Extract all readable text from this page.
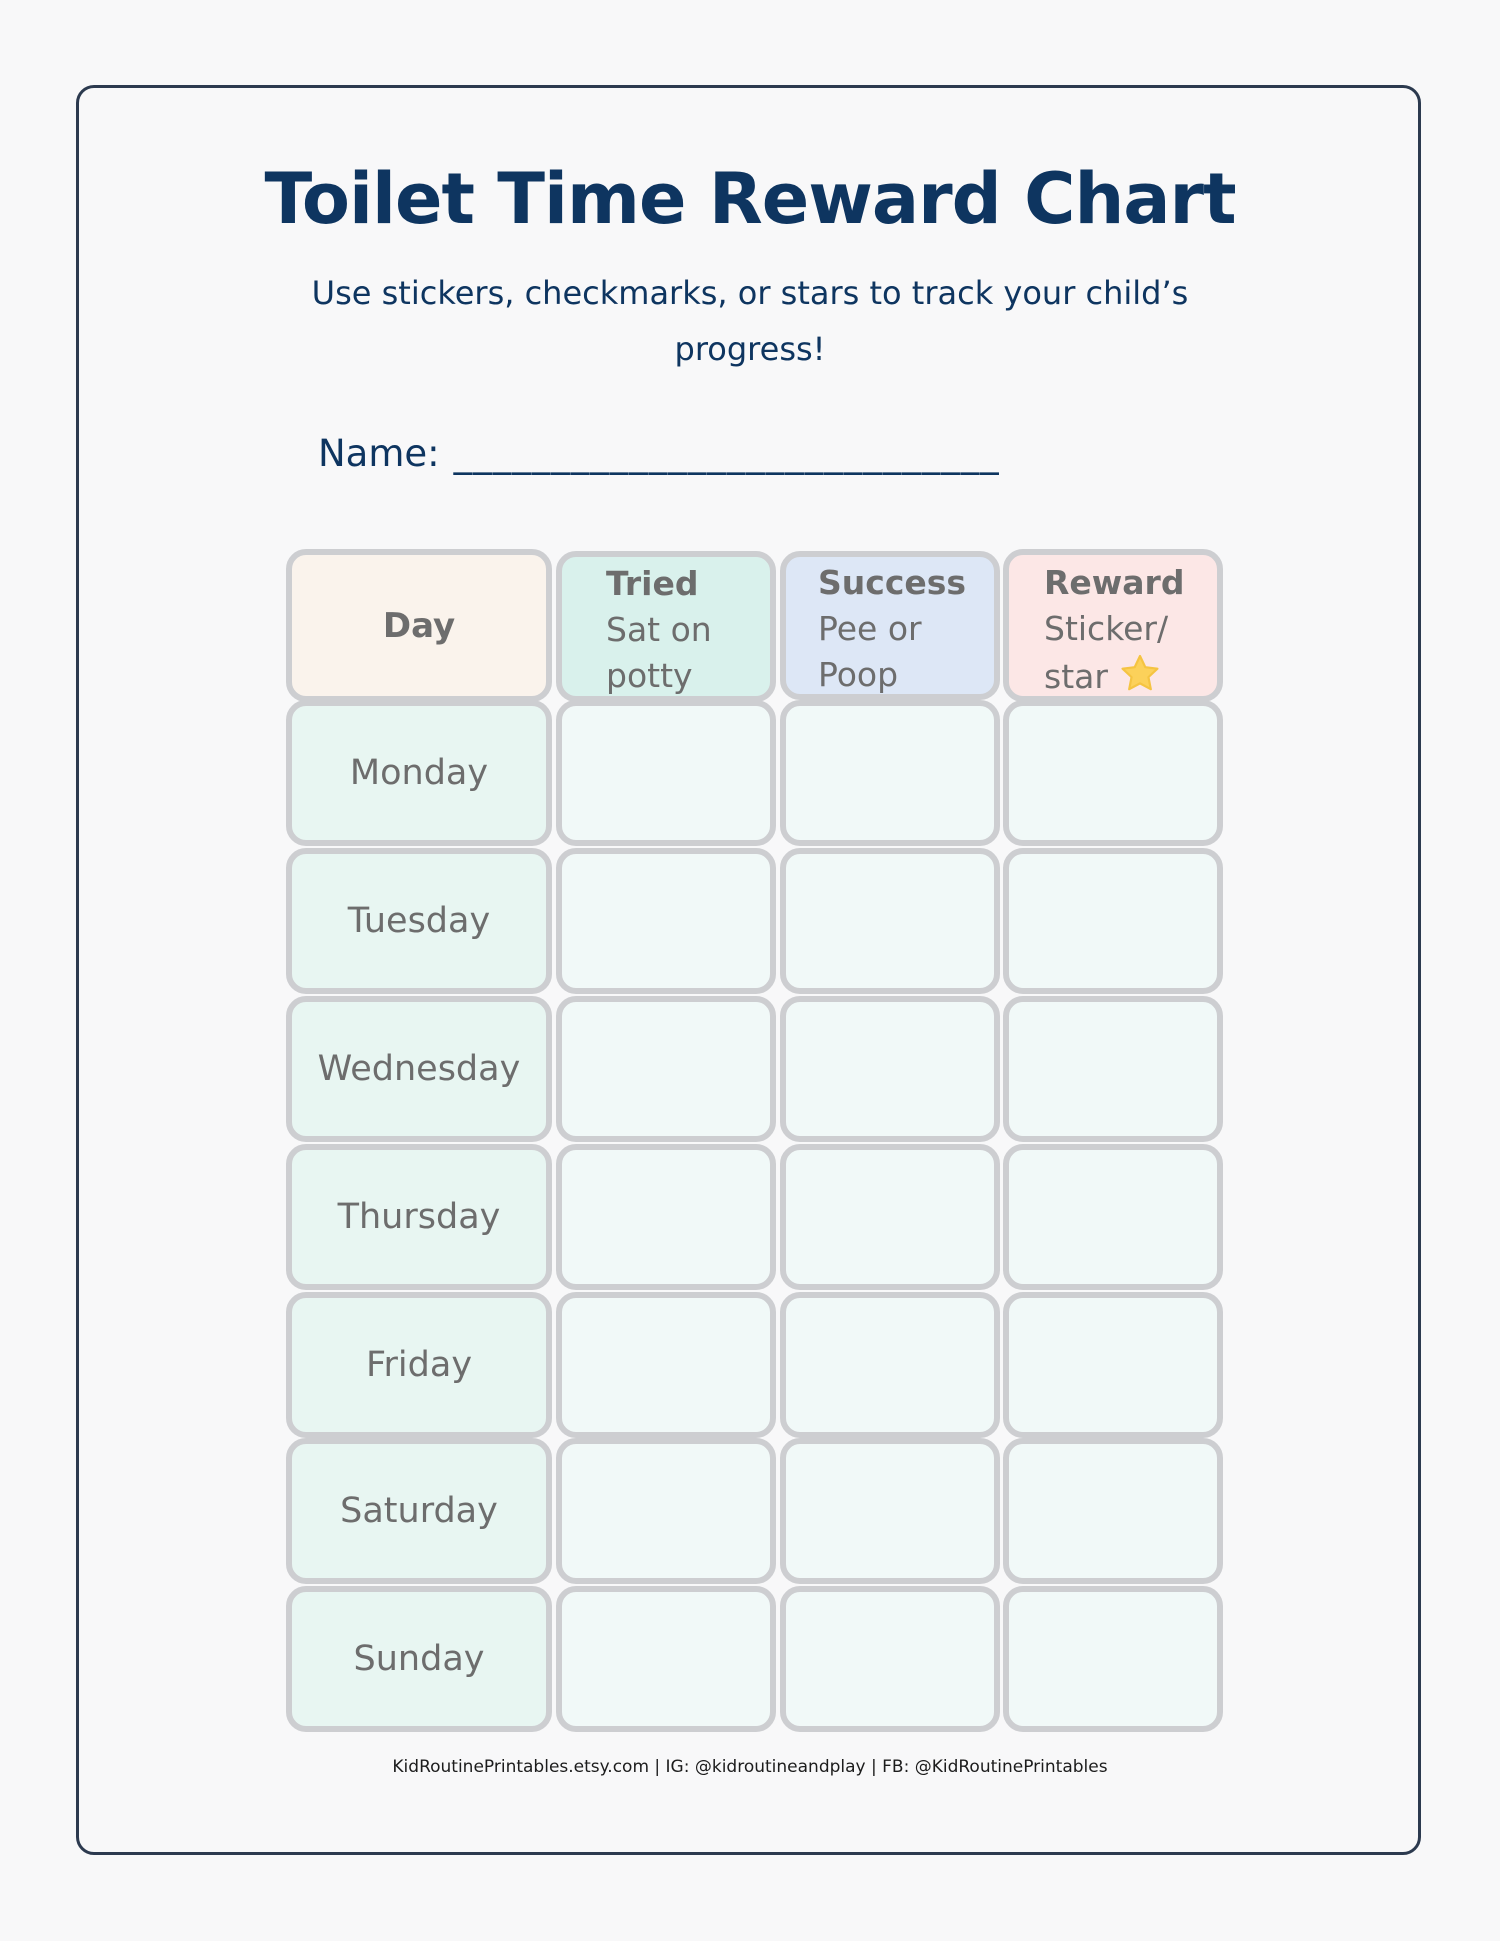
Toilet Time Reward Chart
Use stickers, checkmarks, or stars to track your child’s progress!
Name: ____________________________
Day
Tried
Sat on
potty
Success
Pee or
Poop
Reward
Sticker/
star
Monday
Tuesday
Wednesday
Thursday
Friday
Saturday
Sunday
KidRoutinePrintables.etsy.com | IG: @kidroutineandplay | FB: @KidRoutinePrintables
